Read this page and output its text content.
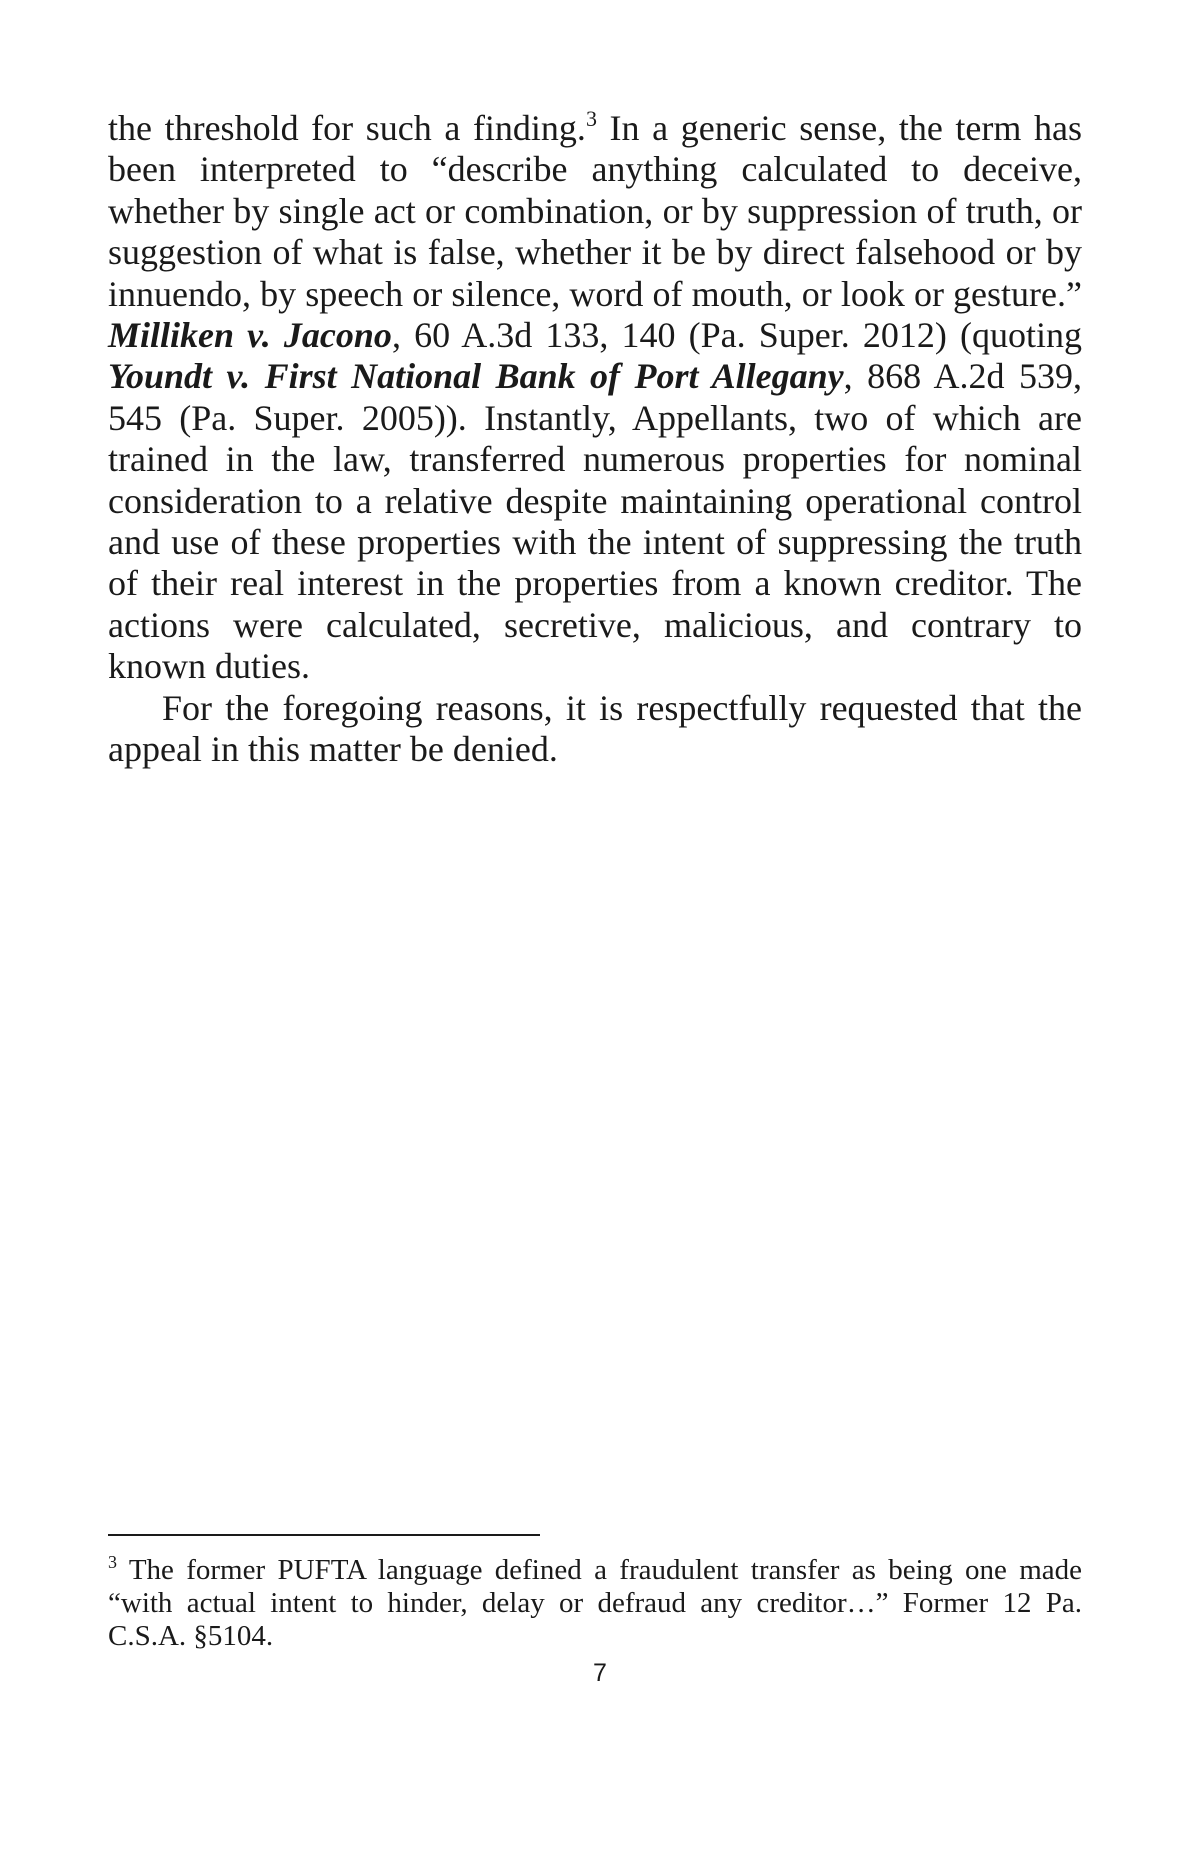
the threshold for such a finding.$^3$ In a generic sense, the term has been interpreted to “describe anything calculated to deceive, whether by single act or combination, or by suppression of truth, or suggestion of what is false, whether it be by direct falsehood or by innuendo, by speech or silence, word of mouth, or look or gesture.” Milliken v. Jacono, 60 A.3d 133, 140 (Pa. Super. 2012) (quoting Youndt v. First National Bank of Port Allegany, 868 A.2d 539, 545 (Pa. Super. 2005)). Instantly, Appellants, two of which are trained in the law, transferred numerous properties for nominal consideration to a relative despite maintaining operational control and use of these properties with the intent of suppressing the truth of their real interest in the properties from a known creditor. The actions were calculated, secretive, malicious, and contrary to known duties.

For the foregoing reasons, it is respectfully requested that the appeal in this matter be denied.

$^3$ The former PUFTA language defined a fraudulent transfer as being one made “with actual intent to hinder, delay or defraud any creditor…” Former 12 Pa. C.S.A. §5104.

7
